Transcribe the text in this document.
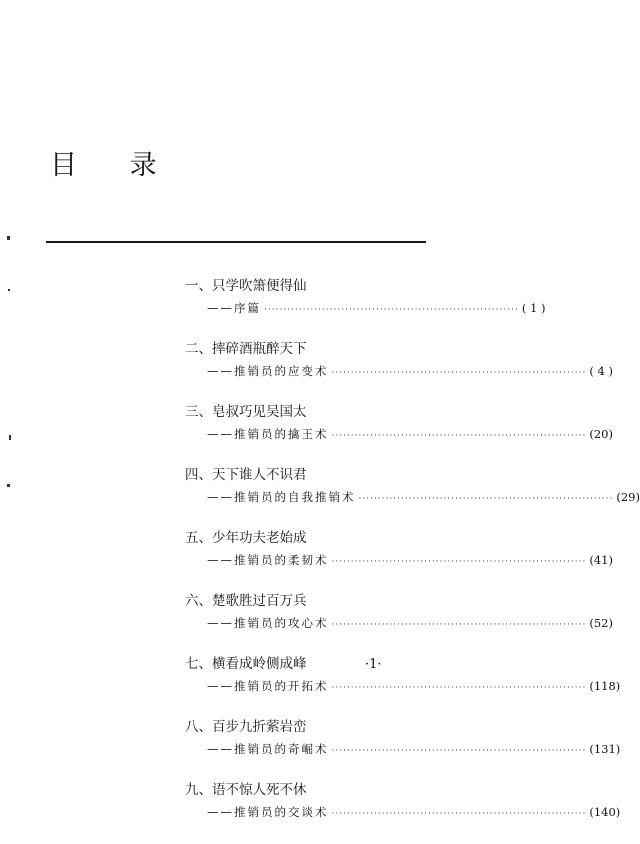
目 录
一、只学吹箫便得仙
——序篇 ·································································· ( 1 )
二、摔碎酒瓶醉天下
——推销员的应变术 ·································································· ( 4 )
三、皂叔巧见吴国太
——推销员的擒王术 ·································································· (20)
四、天下谁人不识君
——推销员的自我推销术 ·································································· (29)
五、少年功夫老始成
——推销员的柔韧术 ·································································· (41)
六、楚歌胜过百万兵
——推销员的攻心术 ·································································· (52)
七、横看成岭侧成峰
——推销员的开拓术 ·································································· (118)
八、百步九折萦岩峦
——推销员的奇崛术 ·································································· (131)
九、语不惊人死不休
——推销员的交谈术 ·································································· (140)
·1·
